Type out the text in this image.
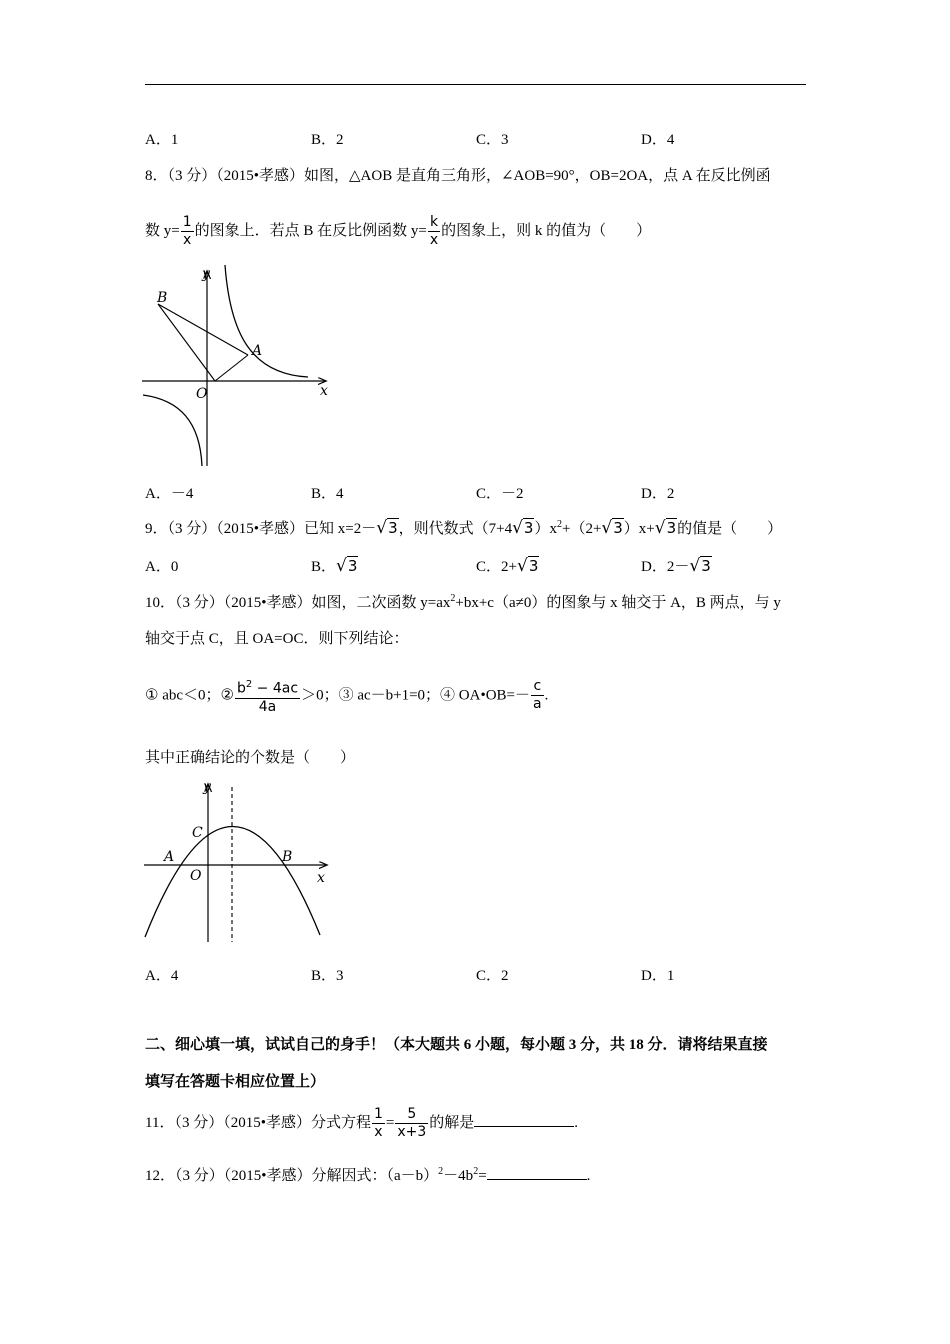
A．1	B．2	C．3	D．4
8．（3 分）（2015•孝感）如图，△AOB 是直角三角形，∠AOB=90°，OB=2OA，点 A 在反比例函
数 $y= \frac{1}{x}$ 的图象上．若点 B 在反比例函数 $y= \frac{k}{x}$ 的图象上，则 k 的值为（　　）
y
x
O
A
B
A．－4	B．4	C．－2	D．2
9．（3 分）（2015•孝感）已知 x=2－√3，则代数式$(7+4√3)x^2+(2+√3)x+√3$的值是（　　）
A．0	B．√3	C．2+√3	D．2－√3
10．（3 分）（2015•孝感）如图，二次函数 $y=ax^2+bx+c(a\ne 0)$的图象与 x 轴交于 A，B 两点，与 y
轴交于点 C，且 OA=OC．则下列结论：
① abc＜0；② $\frac{b^2 - 4ac}{4a} >0$；③ ac－b+1=0；④ OA•OB=－ $\frac{c}{a}$ .
其中正确结论的个数是（　　）
y
x
O
A	B
C
A．4	B．3	C．2	D．1
二、细心填一填，试试自己的身手！（本大题共 6 小题，每小题 3 分，共 18 分．请将结果直接
填写在答题卡相应位置上）
11．（3 分）（2015•孝感）分式方程 $\frac{1}{x} = \frac{5}{x+3}$ 的解是	.
12．（3 分）（2015•孝感）分解因式：$(a-b)^2-4b^2=$	.
